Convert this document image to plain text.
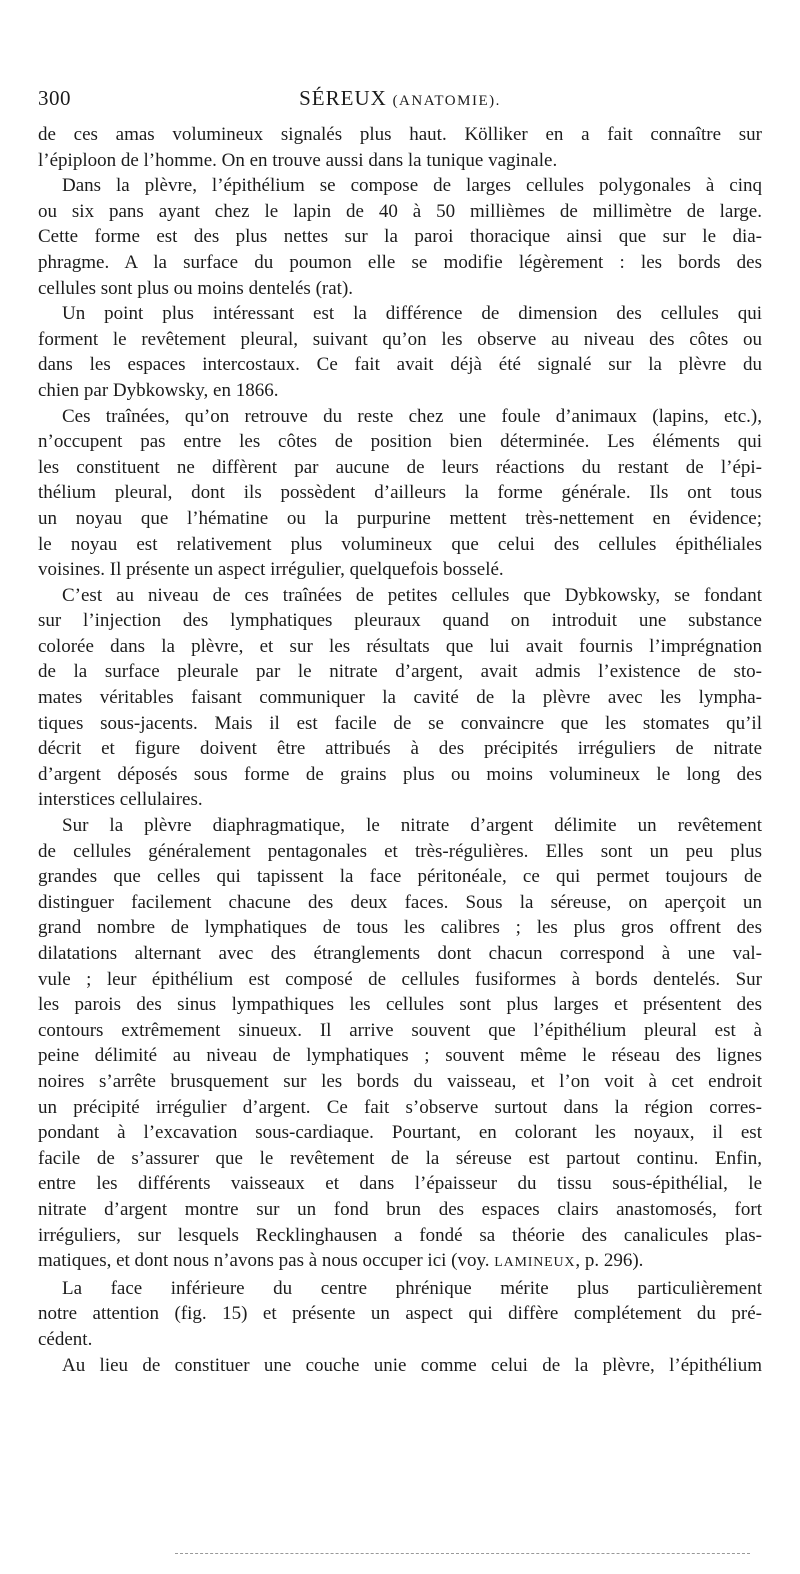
300	SÉREUX (ANATOMIE).
de ces amas volumineux signalés plus haut. Kölliker en a fait connaître sur
l’épiploon de l’homme. On en trouve aussi dans la tunique vaginale.
Dans la plèvre, l’épithélium se compose de larges cellules polygonales à cinq
ou six pans ayant chez le lapin de 40 à 50 millièmes de millimètre de large.
Cette forme est des plus nettes sur la paroi thoracique ainsi que sur le dia-
phragme. A la surface du poumon elle se modifie légèrement : les bords des
cellules sont plus ou moins dentelés (rat).
Un point plus intéressant est la différence de dimension des cellules qui
forment le revêtement pleural, suivant qu’on les observe au niveau des côtes ou
dans les espaces intercostaux. Ce fait avait déjà été signalé sur la plèvre du
chien par Dybkowsky, en 1866.
Ces traînées, qu’on retrouve du reste chez une foule d’animaux (lapins, etc.),
n’occupent pas entre les côtes de position bien déterminée. Les éléments qui
les constituent ne diffèrent par aucune de leurs réactions du restant de l’épi-
thélium pleural, dont ils possèdent d’ailleurs la forme générale. Ils ont tous
un noyau que l’hématine ou la purpurine mettent très-nettement en évidence;
le noyau est relativement plus volumineux que celui des cellules épithéliales
voisines. Il présente un aspect irrégulier, quelquefois bosselé.
C’est au niveau de ces traînées de petites cellules que Dybkowsky, se fondant
sur l’injection des lymphatiques pleuraux quand on introduit une substance
colorée dans la plèvre, et sur les résultats que lui avait fournis l’imprégnation
de la surface pleurale par le nitrate d’argent, avait admis l’existence de sto-
mates véritables faisant communiquer la cavité de la plèvre avec les lympha-
tiques sous-jacents. Mais il est facile de se convaincre que les stomates qu’il
décrit et figure doivent être attribués à des précipités irréguliers de nitrate
d’argent déposés sous forme de grains plus ou moins volumineux le long des
interstices cellulaires.
Sur la plèvre diaphragmatique, le nitrate d’argent délimite un revêtement
de cellules généralement pentagonales et très-régulières. Elles sont un peu plus
grandes que celles qui tapissent la face péritonéale, ce qui permet toujours de
distinguer facilement chacune des deux faces. Sous la séreuse, on aperçoit un
grand nombre de lymphatiques de tous les calibres ; les plus gros offrent des
dilatations alternant avec des étranglements dont chacun correspond à une val-
vule ; leur épithélium est composé de cellules fusiformes à bords dentelés. Sur
les parois des sinus lympathiques les cellules sont plus larges et présentent des
contours extrêmement sinueux. Il arrive souvent que l’épithélium pleural est à
peine délimité au niveau de lymphatiques ; souvent même le réseau des lignes
noires s’arrête brusquement sur les bords du vaisseau, et l’on voit à cet endroit
un précipité irrégulier d’argent. Ce fait s’observe surtout dans la région corres-
pondant à l’excavation sous-cardiaque. Pourtant, en colorant les noyaux, il est
facile de s’assurer que le revêtement de la séreuse est partout continu. Enfin,
entre les différents vaisseaux et dans l’épaisseur du tissu sous-épithélial, le
nitrate d’argent montre sur un fond brun des espaces clairs anastomosés, fort
irréguliers, sur lesquels Recklinghausen a fondé sa théorie des canalicules plas-
matiques, et dont nous n’avons pas à nous occuper ici (voy. LAMINEUX, p. 296).
La face inférieure du centre phrénique mérite plus particulièrement
notre attention (fig. 15) et présente un aspect qui diffère complétement du pré-
cédent.
Au lieu de constituer une couche unie comme celui de la plèvre, l’épithélium
